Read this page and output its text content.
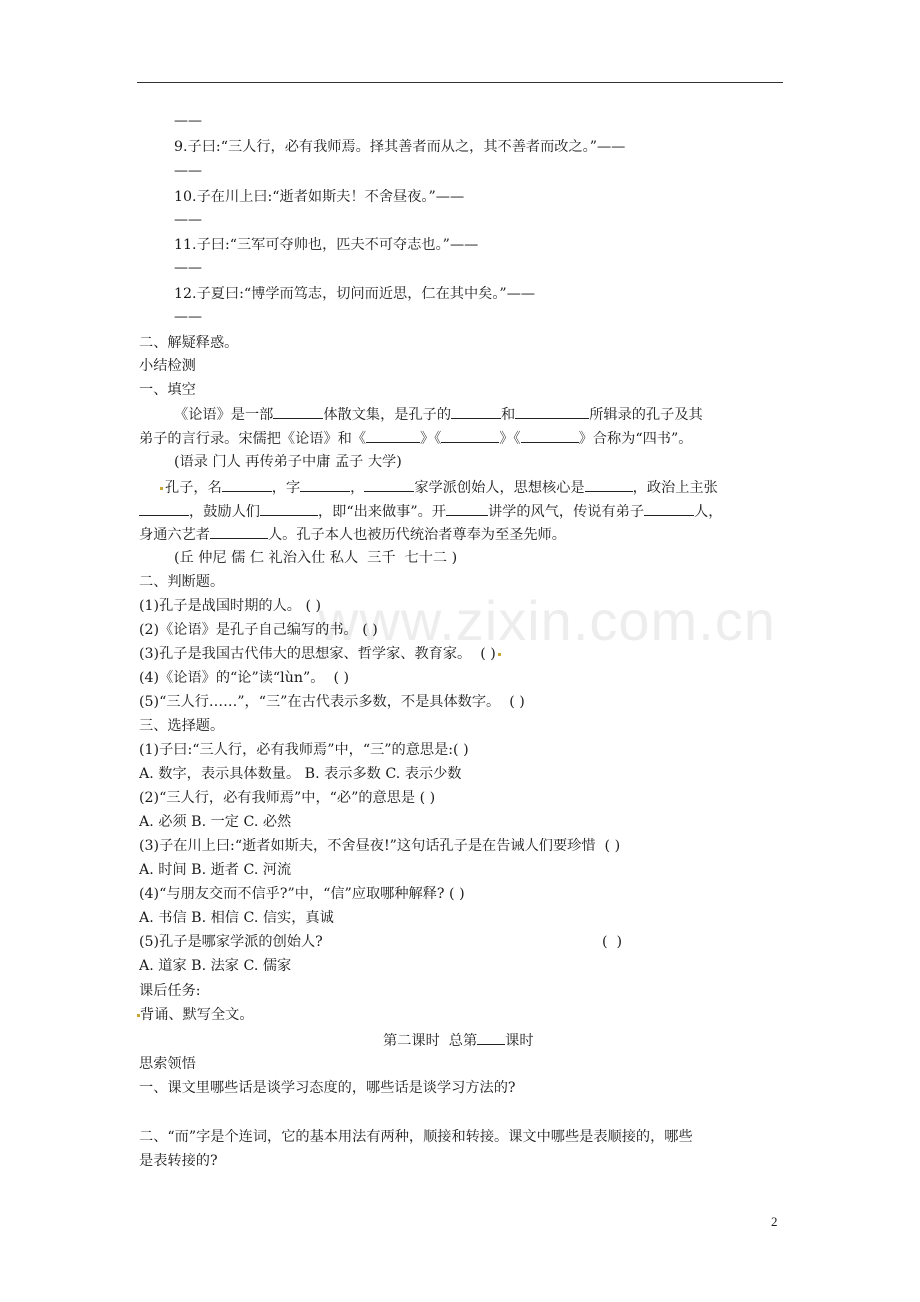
——
9.子曰:“三人行，必有我师焉。择其善者而从之，其不善者而改之。”——
——
10.子在川上曰:“逝者如斯夫！不舍昼夜。”——
——
11.子曰:“三军可夺帅也，匹夫不可夺志也。”——
——
12.子夏曰:“博学而笃志，切问而近思，仁在其中矣。”——
——
二、解疑释惑。
小结检测
一、填空
《论语》是一部	体散文集，是孔子的	和	所辑录的孔子及其
弟子的言行录。宋儒把《论语》和《	》《	》《	》合称为“四书”。
(语录 门人 再传弟子中庸 孟子 大学)
孔子，名	，字	，	家学派创始人，思想核心是	，政治上主张
，鼓励人们	，即“出来做事”。开	讲学的风气，传说有弟子	人，
身通六艺者	人。孔子本人也被历代统治者尊奉为至圣先师。
(丘 仲尼 儒 仁 礼治入仕 私人  三千  七十二 )
二、判断题。
(1)孔子是战国时期的人。 ( )
(2)《论语》是孔子自己编写的书。 ( )
(3)孔子是我国古代伟大的思想家、哲学家、教育家。  ( )
(4)《论语》的“论”读“lùn”。  ( )
(5)“三人行……”，“三”在古代表示多数，不是具体数字。  ( )
三、选择题。
(1)子曰:“三人行，必有我师焉”中，“三”的意思是:( )
A. 数字，表示具体数量。 B. 表示多数 C. 表示少数
(2)“三人行，必有我师焉”中，“必”的意思是 ( )
A. 必须 B. 一定 C. 必然
(3)子在川上曰:“逝者如斯夫，不舍昼夜!”这句话孔子是在告诫人们要珍惜  ( )
A. 时间 B. 逝者 C. 河流
(4)“与朋友交而不信乎?”中，“信”应取哪种解释? ( )
A. 书信 B. 相信 C. 信实，真诚
(5)孔子是哪家学派的创始人?	(  )
A. 道家 B. 法家 C. 儒家
课后任务:
背诵、默写全文。
第二课时  总第 课时
思索领悟
一、课文里哪些话是谈学习态度的，哪些话是谈学习方法的?
二、“而”字是个连词，它的基本用法有两种，顺接和转接。课文中哪些是表顺接的，哪些
是表转接的?
2
www.zixin.com.cn
